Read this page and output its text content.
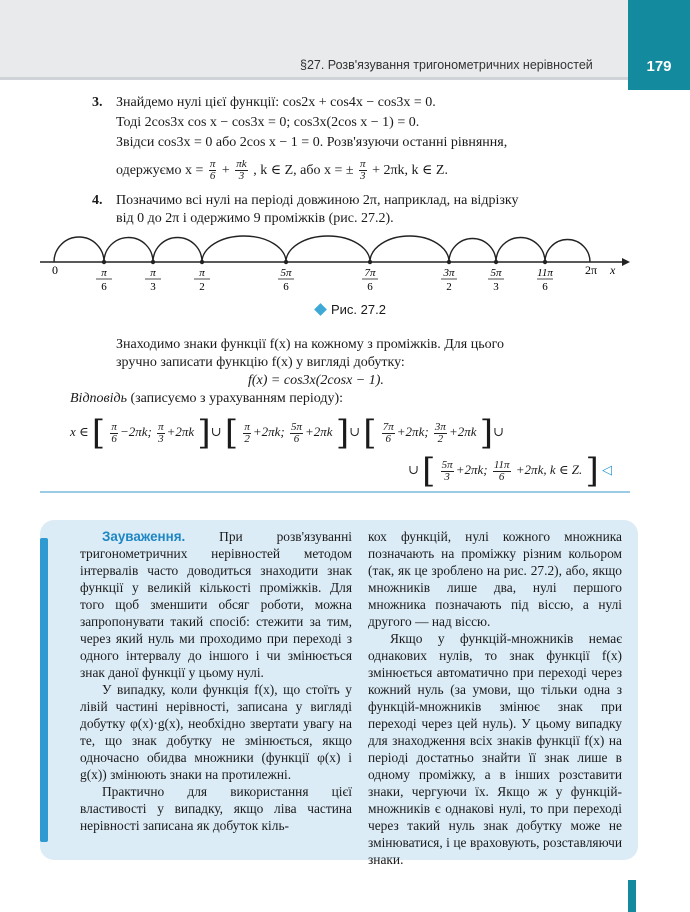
179
§27. Розв'язування тригонометричних нерівностей
3. Знайдемо нулі цієї функції: cos2x + cos4x − cos3x = 0.
Тоді 2cos3x cos x − cos3x = 0; cos3x(2cos x − 1) = 0.
Звідси cos3x = 0 або 2cos x − 1 = 0. Розв'язуючи останні рівняння,
одержуємо $x = \frac{\pi}{6} + \frac{\pi k}{3}$ , k ∈ Z, або x = ± $\frac{\pi}{3} + 2\pi k$, k ∈ Z.
4. Позначимо всі нулі на періоді довжиною 2π, наприклад, на відрізку
від 0 до 2π і одержимо 9 проміжків (рис. 27.2).
0	2π x
π
6
π
3
π
2
5π
6
7π
6
3π
2
5π
3
11π
6
Рис. 27.2
Знаходимо знаки функції f(x) на кожному з проміжків. Для цього
зручно записати функцію f(x) у вигляді добутку:
f(x) = cos3x(2cosx − 1).
Відповідь (записуємо з урахуванням періоду):
x ∈ [ $\frac{\pi}{6} -2\pi k$; $\frac{\pi}{3} +2\pi k$ ]∪ [ $\frac{\pi}{2} +2\pi k$; $\frac{5\pi}{6} +2\pi k$ ]∪ [ $\frac{7\pi}{6} +2\pi k$; $\frac{3\pi}{2} +2\pi k$ ]∪
∪ [ $\frac{5\pi}{3} +2\pi k$; $\frac{11\pi}{6} +2\pi k$, k ∈ Z. ] ◁

Зауваження.	При розв'язуванні тригонометричних нерівностей методом інтервалів часто доводиться знаходити знак функції у великій кількості проміжків. Для того щоб зменшити обсяг роботи, можна запропонувати такий спосіб: стежити за тим, через який нуль ми проходимо при переході з одного інтервалу до іншого і чи змінюється знак даної функції у цьому нулі.

У випадку, коли функція f(x), що стоїть у лівій частині нерівності, записана у вигляді добутку φ(x)·g(x), необхідно звертати увагу на те, що знак добутку не змінюється, якщо одночасно обидва множники (функції φ(x) і g(x)) змінюють знаки на протилежні.

Практично для використання цієї властивості у випадку, якщо ліва частина нерівності записана як добуток кіль-

кох функцій, нулі кожного множника позначають на проміжку різним кольором (так, як це зроблено на рис. 27.2), або, якщо множників лише два, нулі першого множника позначають під віссю, а нулі другого — над віссю.

Якщо у функцій-множників немає однакових нулів, то знак функції f(x) змінюється автоматично при переході через кожний нуль (за умови, що тільки одна з функцій-множників змінює знак при переході через цей нуль). У цьому випадку для знаходження всіх знаків функції f(x) на періоді достатньо знайти її знак лише в одному проміжку, а в інших розставити знаки, чергуючи їх. Якщо ж у функцій-множників є однакові нулі, то при переході через такий нуль знак добутку може не змінюватися, і це враховують, розставляючи знаки.
